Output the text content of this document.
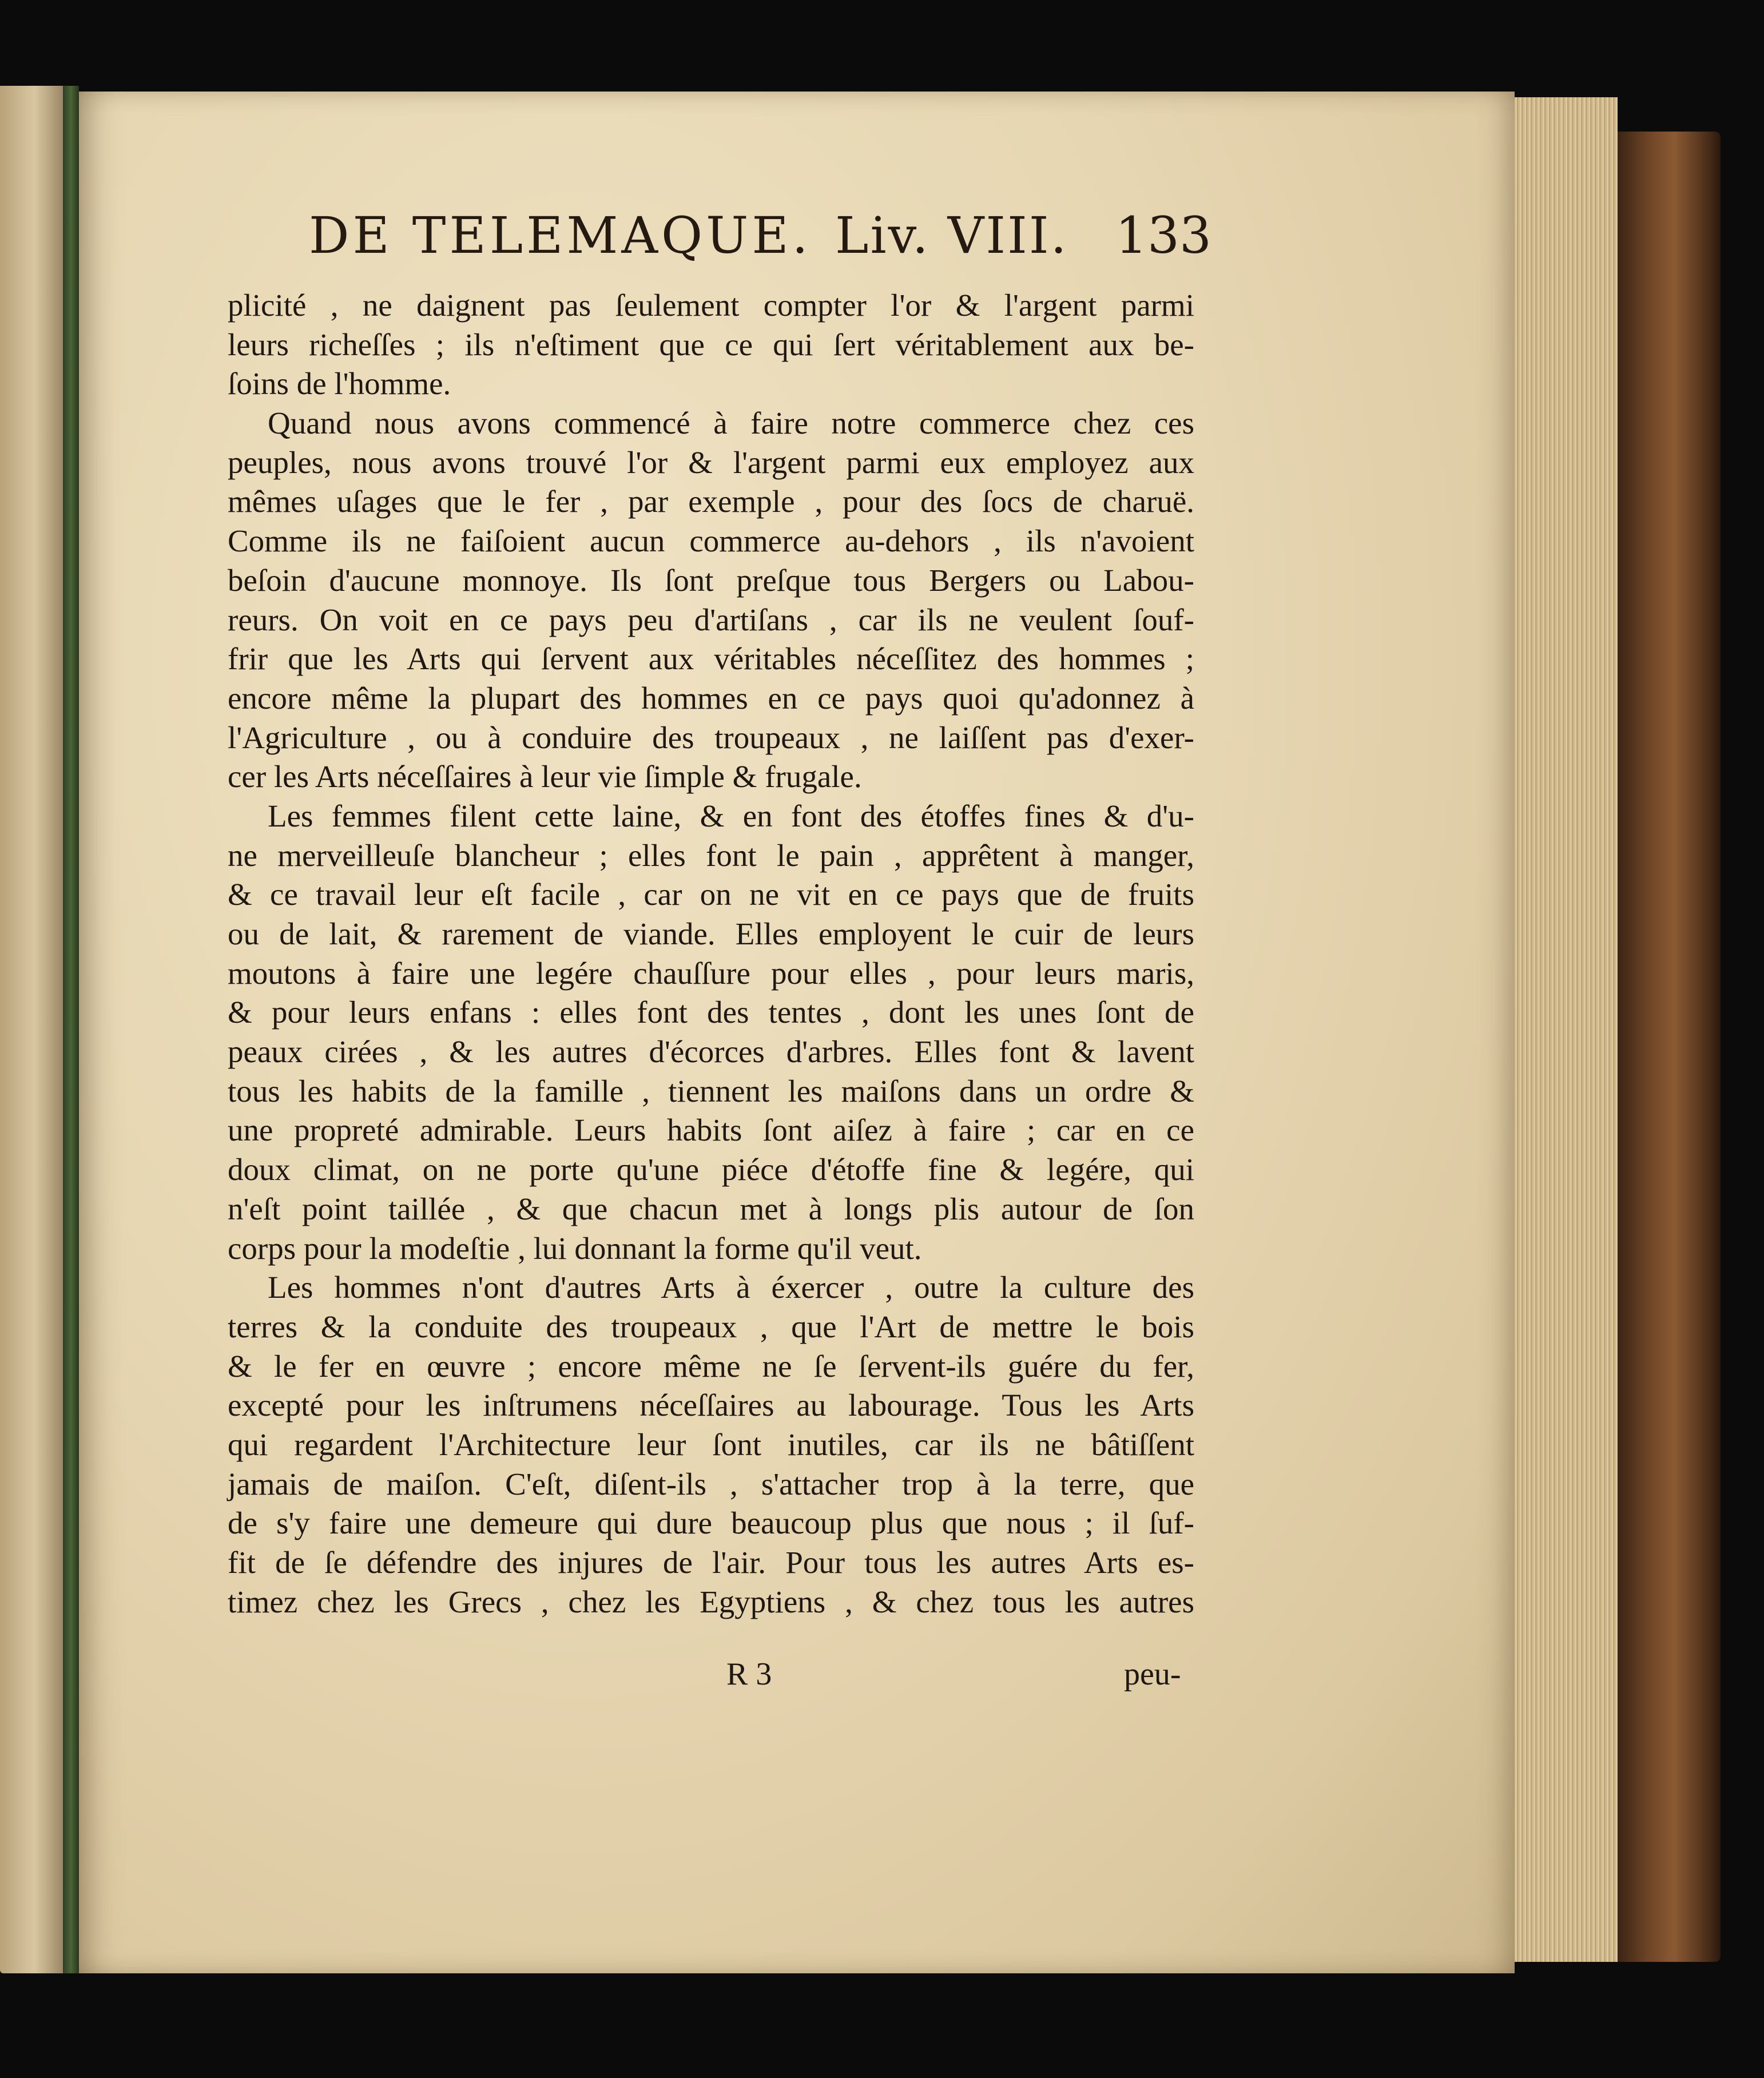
DE TELEMAQUE. Liv. VIII. 133
plicité , ne daignent pas ſeulement compter l'or & l'argent parmi
leurs richeſſes ; ils n'eſtiment que ce qui ſert véritablement aux be-
ſoins de l'homme.
Quand nous avons commencé à faire notre commerce chez ces
peuples, nous avons trouvé l'or & l'argent parmi eux employez aux
mêmes uſages que le fer , par exemple , pour des ſocs de charuë.
Comme ils ne faiſoient aucun commerce au-dehors , ils n'avoient
beſoin d'aucune monnoye. Ils ſont preſque tous Bergers ou Labou-
reurs. On voit en ce pays peu d'artiſans , car ils ne veulent ſouf-
frir que les Arts qui ſervent aux véritables néceſſitez des hommes ;
encore même la plupart des hommes en ce pays quoi qu'adonnez à
l'Agriculture , ou à conduire des troupeaux , ne laiſſent pas d'exer-
cer les Arts néceſſaires à leur vie ſimple & frugale.
Les femmes filent cette laine, & en font des étoffes fines & d'u-
ne merveilleuſe blancheur ; elles font le pain , apprêtent à manger,
& ce travail leur eſt facile , car on ne vit en ce pays que de fruits
ou de lait, & rarement de viande. Elles employent le cuir de leurs
moutons à faire une legére chauſſure pour elles , pour leurs maris,
& pour leurs enfans : elles font des tentes , dont les unes ſont de
peaux cirées , & les autres d'écorces d'arbres. Elles font & lavent
tous les habits de la famille , tiennent les maiſons dans un ordre &
une propreté admirable. Leurs habits ſont aiſez à faire ; car en ce
doux climat, on ne porte qu'une piéce d'étoffe fine & legére, qui
n'eſt point taillée , & que chacun met à longs plis autour de ſon
corps pour la modeſtie , lui donnant la forme qu'il veut.
Les hommes n'ont d'autres Arts à éxercer , outre la culture des
terres & la conduite des troupeaux , que l'Art de mettre le bois
& le fer en œuvre ; encore même ne ſe ſervent-ils guére du fer,
excepté pour les inſtrumens néceſſaires au labourage. Tous les Arts
qui regardent l'Architecture leur ſont inutiles, car ils ne bâtiſſent
jamais de maiſon. C'eſt, diſent-ils , s'attacher trop à la terre, que
de s'y faire une demeure qui dure beaucoup plus que nous ; il ſuf-
fit de ſe défendre des injures de l'air. Pour tous les autres Arts es-
timez chez les Grecs , chez les Egyptiens , & chez tous les autres
R 3	peu-
